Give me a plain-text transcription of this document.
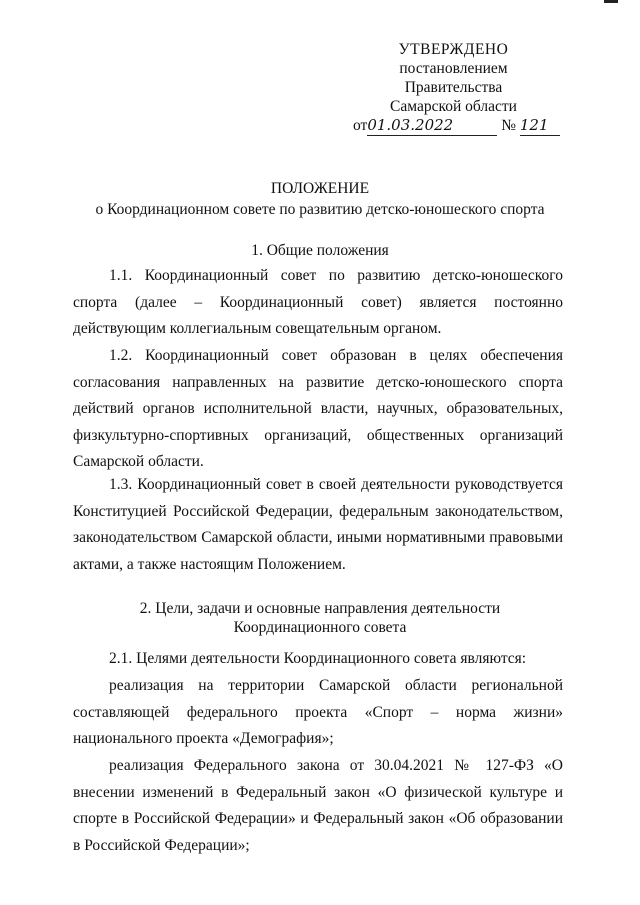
УТВЕРЖДЕНО
постановлением Правительства
Самарской области
от01.03.2022	№ 121
ПОЛОЖЕНИЕ
о Координационном совете по развитию детско-юношеского спорта
1. Общие положения
1.1. Координационный совет по развитию детско-юношеского спорта (далее – Координационный совет) является постоянно действующим коллегиальным совещательным органом.
1.2. Координационный совет образован в целях обеспечения согласования направленных на развитие детско-юношеского спорта действий органов исполнительной власти, научных, образовательных, физкультурно-спортивных организаций, общественных организаций Самарской области.
1.3. Координационный совет в своей деятельности руководствуется Конституцией Российской Федерации, федеральным законодательством, законодательством Самарской области, иными нормативными правовыми актами, а также настоящим Положением.
2. Цели, задачи и основные направления деятельности
Координационного совета
2.1. Целями деятельности Координационного совета являются:
реализация на территории Самарской области региональной составляющей федерального проекта «Спорт – норма жизни» национального проекта «Демография»;
реализация Федерального закона от 30.04.2021 № 127-ФЗ «О внесении изменений в Федеральный закон «О физической культуре и спорте в Российской Федерации» и Федеральный закон «Об образовании в Российской Федерации»;
